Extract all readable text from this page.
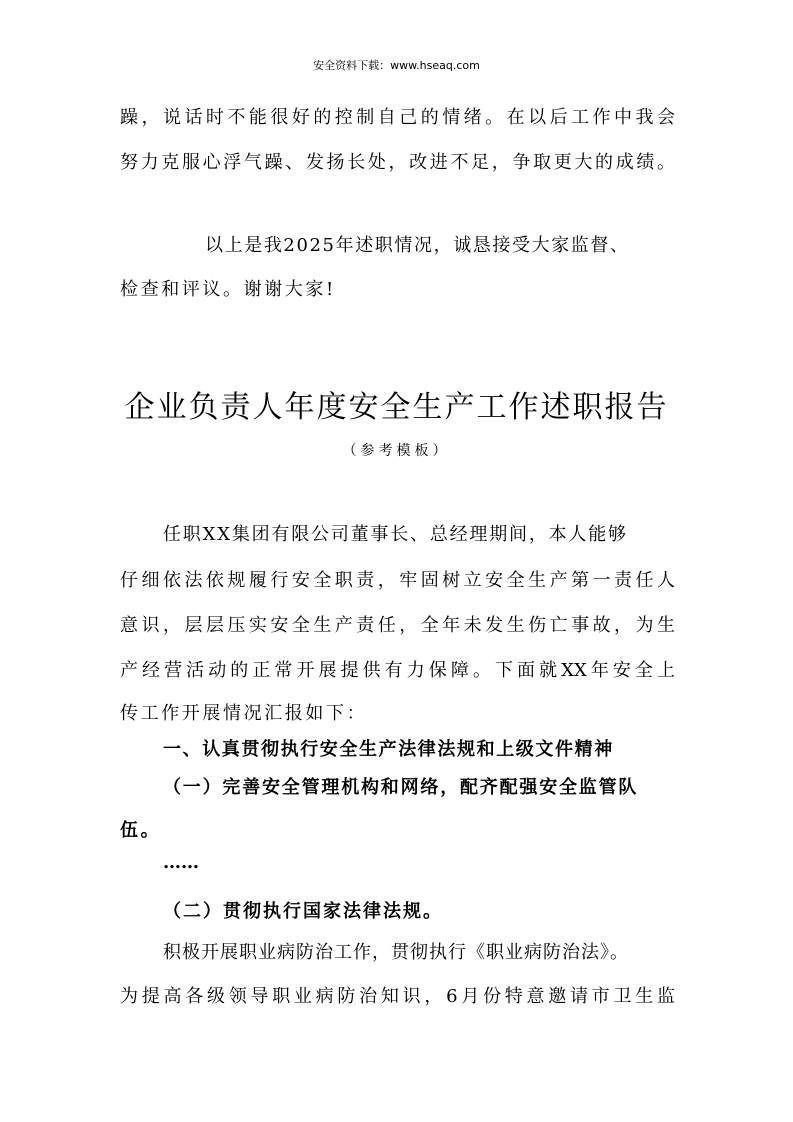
安全资料下载：www.hseaq.com
躁，说话时不能很好的控制自己的情绪。在以后工作中我会
努力克服心浮气躁、发扬长处，改进不足，争取更大的成绩。
以上是我2025年述职情况，诚恳接受大家监督、
检查和评议。谢谢大家!
企业负责人年度安全生产工作述职报告
（参考模板）
任职XX集团有限公司董事长、总经理期间，本人能够
仔细依法依规履行安全职责，牢固树立安全生产第一责任人
意识，层层压实安全生产责任，全年未发生伤亡事故，为生
产经营活动的正常开展提供有力保障。下面就XX年安全上
传工作开展情况汇报如下：
一、认真贯彻执行安全生产法律法规和上级文件精神
（一）完善安全管理机构和网络，配齐配强安全监管队
伍。
……
（二）贯彻执行国家法律法规。
积极开展职业病防治工作，贯彻执行《职业病防治法》。
为提高各级领导职业病防治知识，6月份特意邀请市卫生监
